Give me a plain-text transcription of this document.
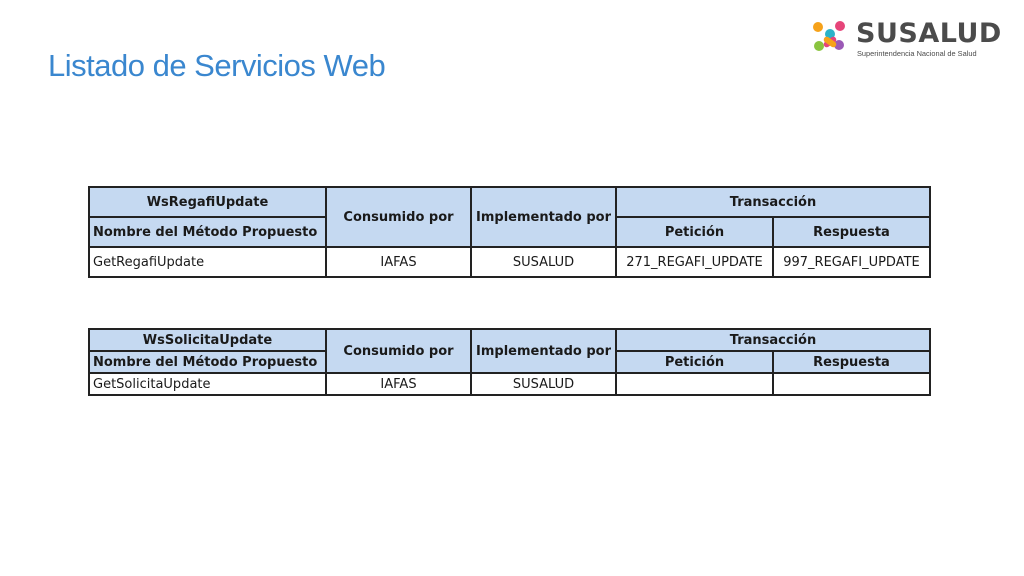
Listado de Servicios Web
SUSALUD
Superintendencia Nacional de Salud
WsRegafiUpdate	Consumido por	Implementado por	Transacción	
Nombre del Método Propuesto			Petición	Respuesta
GetRegafiUpdate	IAFAS	SUSALUD	271_REGAFI_UPDATE	997_REGAFI_UPDATE
WsSolicitaUpdate	Consumido por	Implementado por	Transacción	
Nombre del Método Propuesto			Petición	Respuesta
GetSolicitaUpdate	IAFAS	SUSALUD		
